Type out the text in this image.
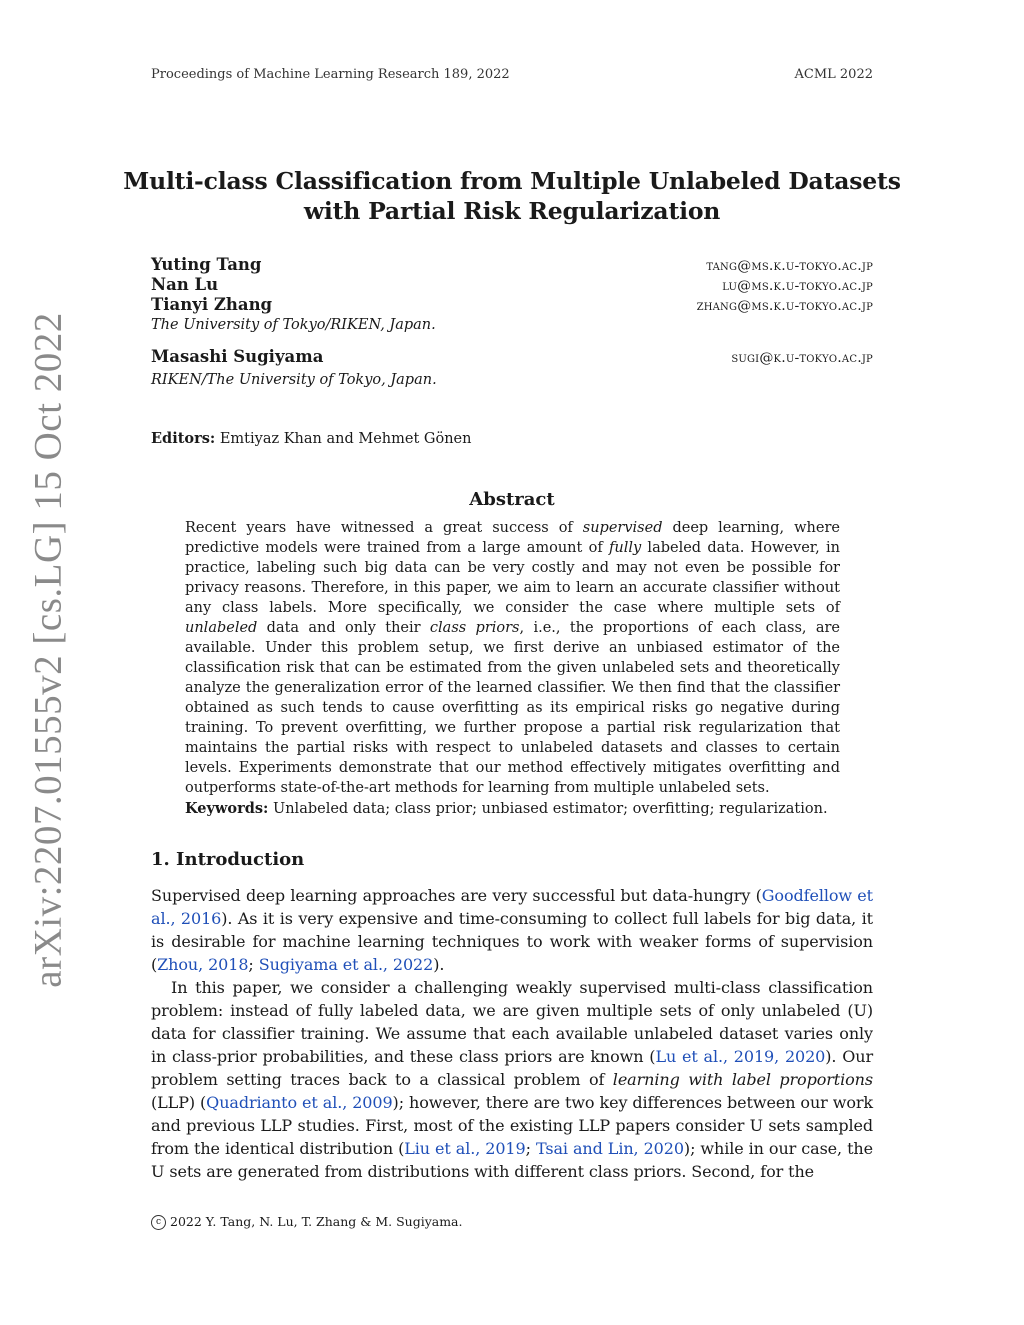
Proceedings of Machine Learning Research 189, 2022	ACML 2022
arXiv:2207.01555v2 [cs.LG] 15 Oct 2022
Multi-class Classification from Multiple Unlabeled Datasets
with Partial Risk Regularization
Yuting Tang	tang@ms.k.u-tokyo.ac.jp
Nan Lu	lu@ms.k.u-tokyo.ac.jp
Tianyi Zhang	zhang@ms.k.u-tokyo.ac.jp
The University of Tokyo/RIKEN, Japan.
Masashi Sugiyama	sugi@k.u-tokyo.ac.jp
RIKEN/The University of Tokyo, Japan.
Editors: Emtiyaz Khan and Mehmet Gönen
Abstract
Recent years have witnessed a great success of supervised deep learning, where predictive models were trained from a large amount of fully labeled data. However, in practice, labeling such big data can be very costly and may not even be possible for privacy reasons. Therefore, in this paper, we aim to learn an accurate classifier without any class labels. More specifically, we consider the case where multiple sets of unlabeled data and only their class priors, i.e., the proportions of each class, are available. Under this problem setup, we first derive an unbiased estimator of the classification risk that can be estimated from the given unlabeled sets and theoretically analyze the generalization error of the learned classifier. We then find that the classifier obtained as such tends to cause overfitting as its empirical risks go negative during training. To prevent overfitting, we further propose a partial risk regularization that maintains the partial risks with respect to unlabeled datasets and classes to certain levels. Experiments demonstrate that our method effectively mitigates overfitting and outperforms state-of-the-art methods for learning from multiple unlabeled sets.
Keywords: Unlabeled data; class prior; unbiased estimator; overfitting; regularization.
1. Introduction

Supervised deep learning approaches are very successful but data-hungry (Goodfellow et al., 2016). As it is very expensive and time-consuming to collect full labels for big data, it is desirable for machine learning techniques to work with weaker forms of supervision (Zhou, 2018; Sugiyama et al., 2022).

In this paper, we consider a challenging weakly supervised multi-class classification problem: instead of fully labeled data, we are given multiple sets of only unlabeled (U) data for classifier training. We assume that each available unlabeled dataset varies only in class-prior probabilities, and these class priors are known (Lu et al., 2019, 2020). Our problem setting traces back to a classical problem of learning with label proportions (LLP) (Quadrianto et al., 2009); however, there are two key differences between our work and previous LLP studies. First, most of the existing LLP papers consider U sets sampled from the identical distribution (Liu et al., 2019; Tsai and Lin, 2020); while in our case, the U sets are generated from distributions with different class priors. Second, for the

c 2022 Y. Tang, N. Lu, T. Zhang & M. Sugiyama.
